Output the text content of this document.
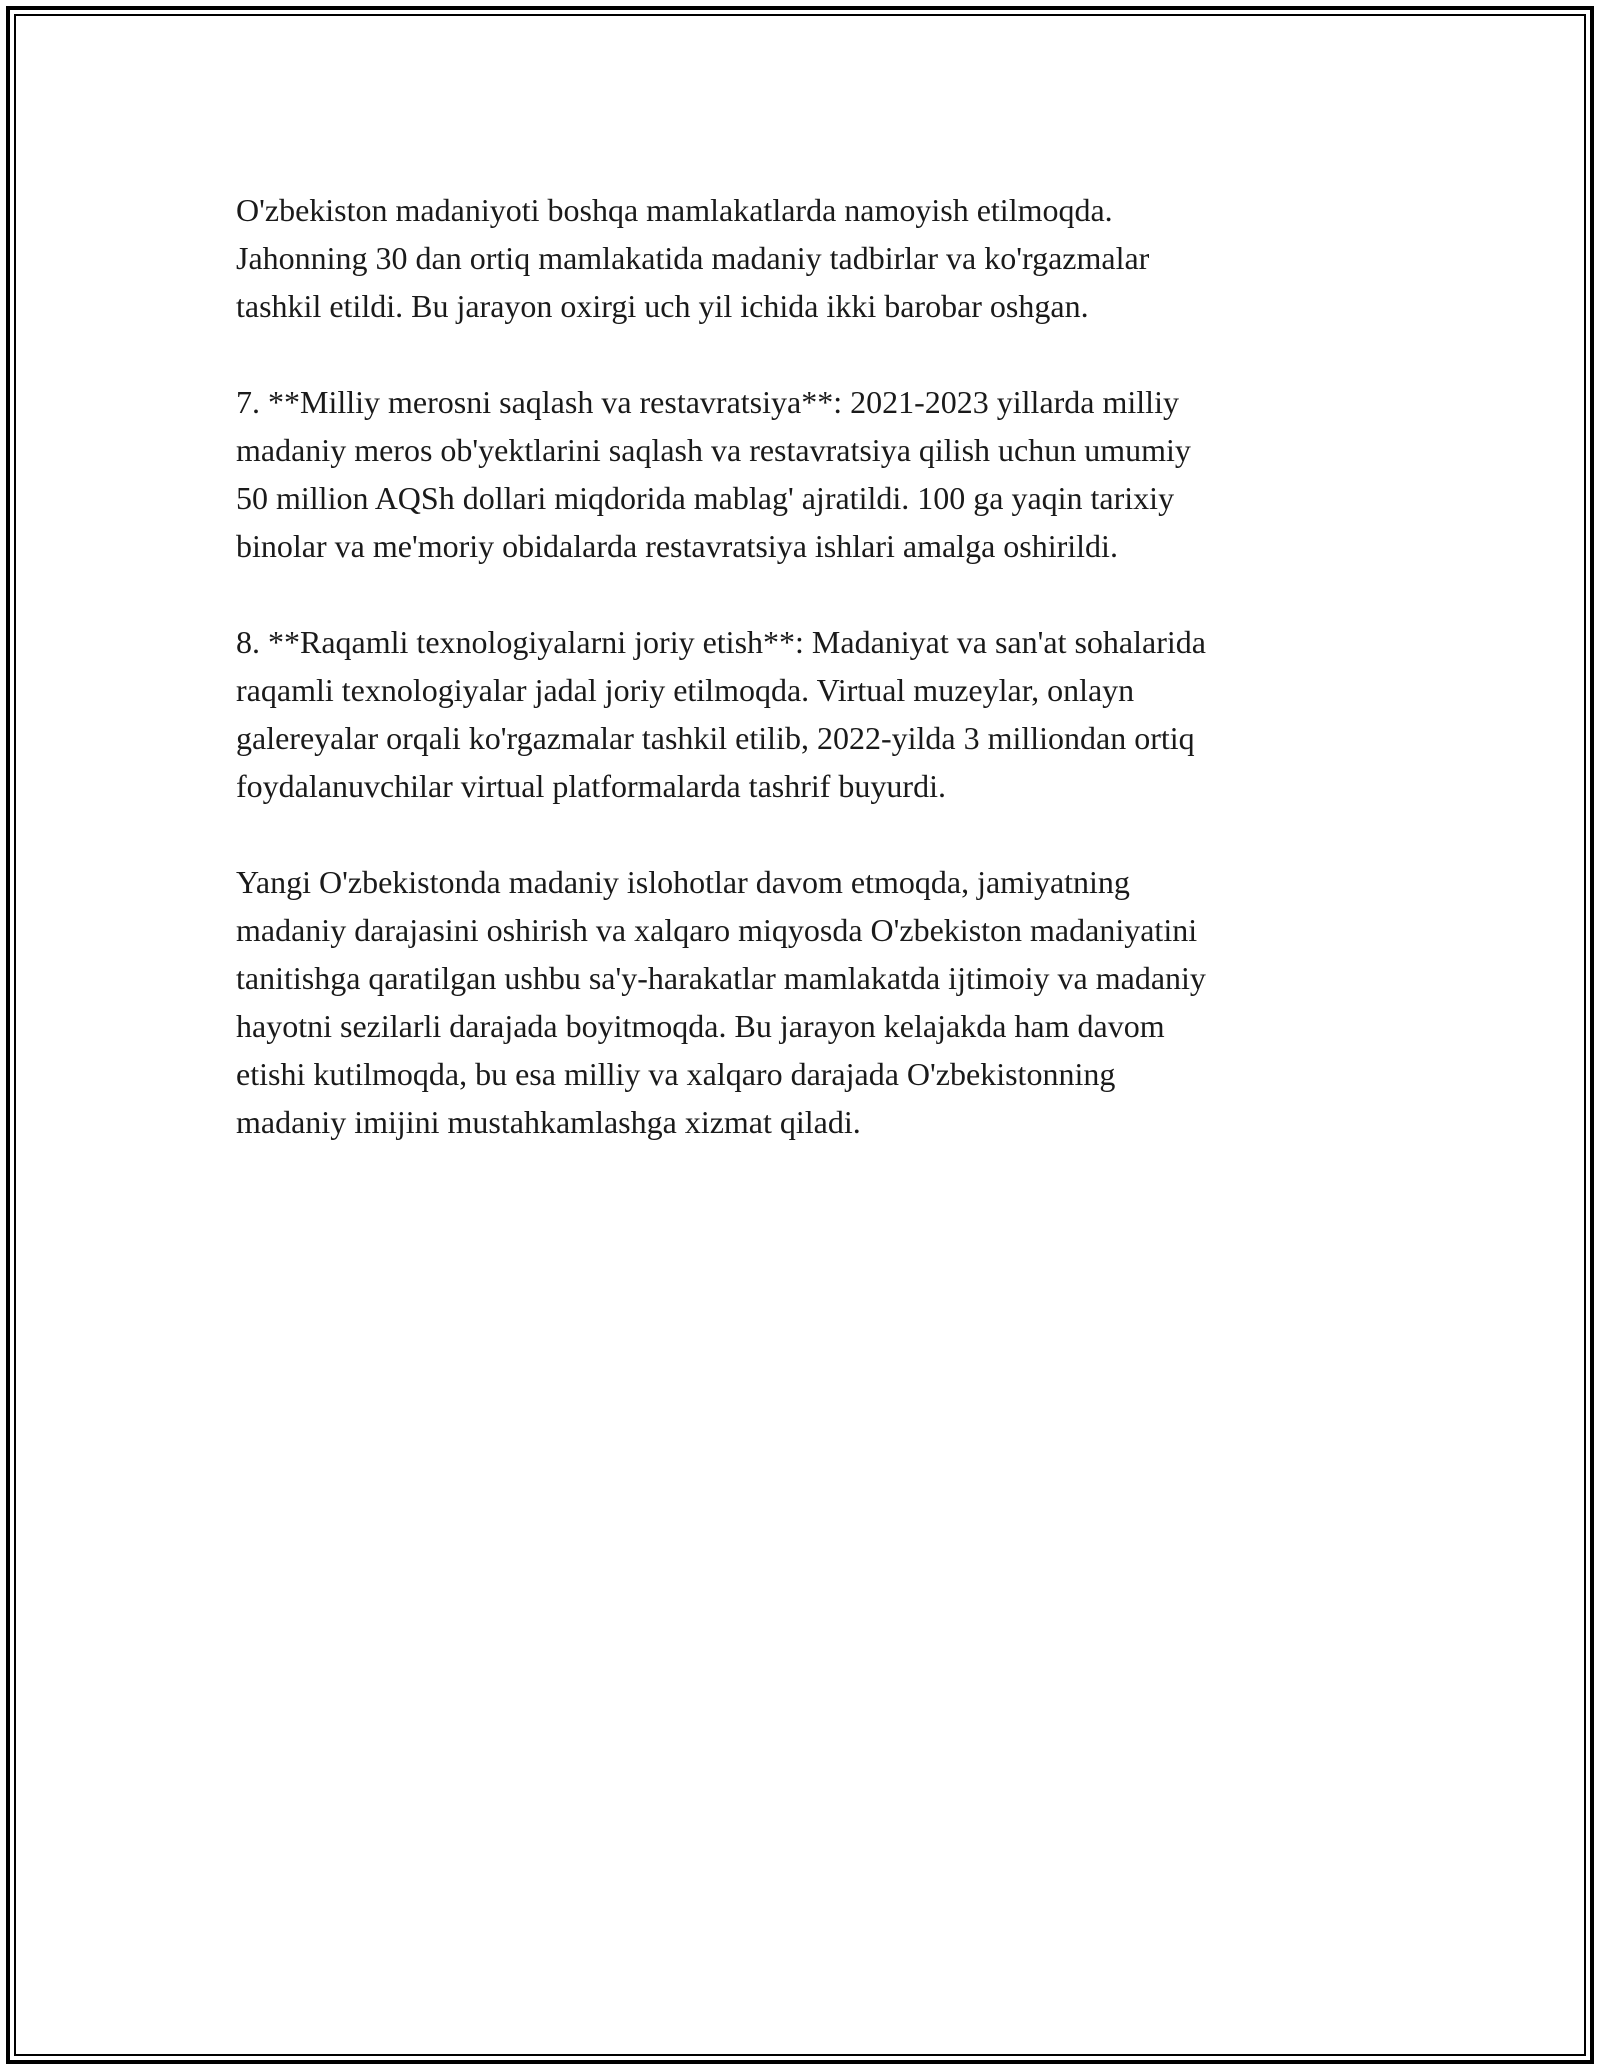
O'zbekiston madaniyoti boshqa mamlakatlarda namoyish etilmoqda.
Jahonning 30 dan ortiq mamlakatida madaniy tadbirlar va ko'rgazmalar
tashkil etildi. Bu jarayon oxirgi uch yil ichida ikki barobar oshgan.

7. **Milliy merosni saqlash va restavratsiya**: 2021-2023 yillarda milliy
madaniy meros ob'yektlarini saqlash va restavratsiya qilish uchun umumiy
50 million AQSh dollari miqdorida mablag' ajratildi. 100 ga yaqin tarixiy
binolar va me'moriy obidalarda restavratsiya ishlari amalga oshirildi.

8. **Raqamli texnologiyalarni joriy etish**: Madaniyat va san'at sohalarida
raqamli texnologiyalar jadal joriy etilmoqda. Virtual muzeylar, onlayn
galereyalar orqali ko'rgazmalar tashkil etilib, 2022-yilda 3 milliondan ortiq
foydalanuvchilar virtual platformalarda tashrif buyurdi.

Yangi O'zbekistonda madaniy islohotlar davom etmoqda, jamiyatning
madaniy darajasini oshirish va xalqaro miqyosda O'zbekiston madaniyatini
tanitishga qaratilgan ushbu sa'y-harakatlar mamlakatda ijtimoiy va madaniy
hayotni sezilarli darajada boyitmoqda. Bu jarayon kelajakda ham davom
etishi kutilmoqda, bu esa milliy va xalqaro darajada O'zbekistonning
madaniy imijini mustahkamlashga xizmat qiladi.
